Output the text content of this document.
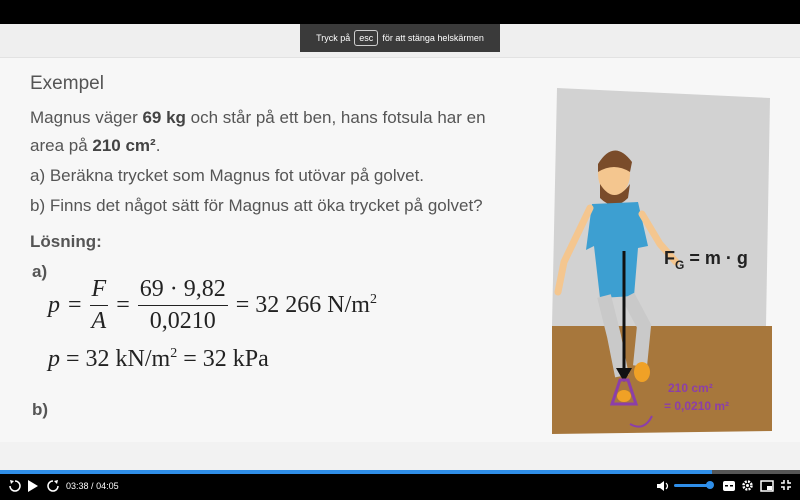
Tryck på	esc	för att stänga helskärmen
Exempel
Magnus väger 69 kg och står på ett ben, hans fotsula har en
area på 210 cm².
a) Beräkna trycket som Magnus fot utövar på golvet.
b) Finns det något sätt för Magnus att öka trycket på golvet?
Lösning:
a)
b)
$p = \frac{F}{A} = \frac{69 \cdot 9,82}{0,0210} = 32$ 266 $N/m^2$
p = 32 $kN/m^2 = 32$ kPa
$F_G = m \cdot g$
210 cm²
= 0,0210 m²
03:38
/
04:05
